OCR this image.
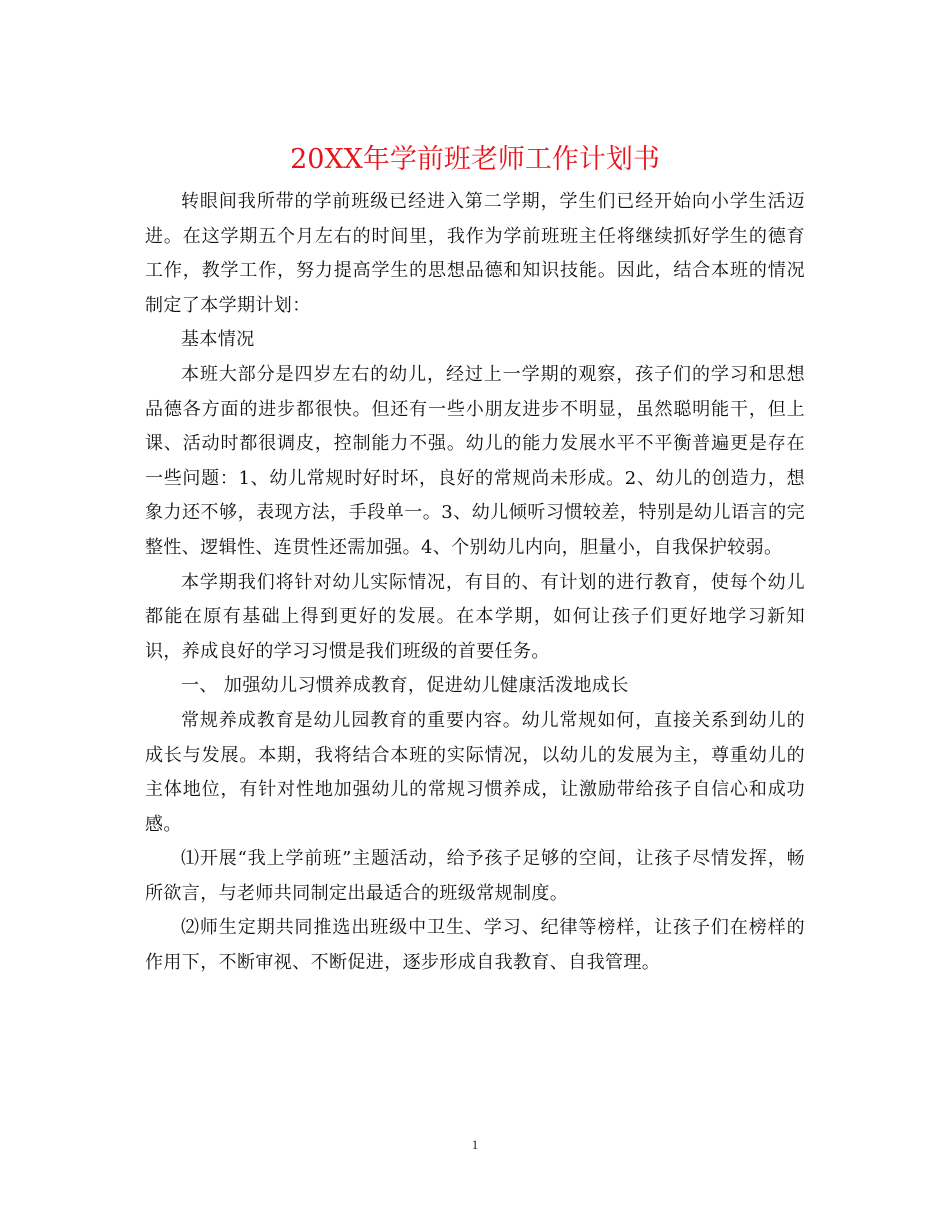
20XX年学前班老师工作计划书

转眼间我所带的学前班级已经进入第二学期，学生们已经开始向小学生活迈进。在这学期五个月左右的时间里，我作为学前班班主任将继续抓好学生的德育工作，教学工作，努力提高学生的思想品德和知识技能。因此，结合本班的情况制定了本学期计划：

基本情况

本班大部分是四岁左右的幼儿，经过上一学期的观察，孩子们的学习和思想品德各方面的进步都很快。但还有一些小朋友进步不明显，虽然聪明能干，但上课、活动时都很调皮，控制能力不强。幼儿的能力发展水平不平衡普遍更是存在一些问题：1、幼儿常规时好时坏，良好的常规尚未形成。2、幼儿的创造力，想象力还不够，表现方法，手段单一。3、幼儿倾听习惯较差，特别是幼儿语言的完整性、逻辑性、连贯性还需加强。4、个别幼儿内向，胆量小，自我保护较弱。

本学期我们将针对幼儿实际情况，有目的、有计划的进行教育，使每个幼儿都能在原有基础上得到更好的发展。在本学期，如何让孩子们更好地学习新知识，养成良好的学习习惯是我们班级的首要任务。

一、 加强幼儿习惯养成教育，促进幼儿健康活泼地成长

常规养成教育是幼儿园教育的重要内容。幼儿常规如何，直接关系到幼儿的成长与发展。本期，我将结合本班的实际情况，以幼儿的发展为主，尊重幼儿的主体地位，有针对性地加强幼儿的常规习惯养成，让激励带给孩子自信心和成功感。

⑴开展“我上学前班”主题活动，给予孩子足够的空间，让孩子尽情发挥，畅所欲言，与老师共同制定出最适合的班级常规制度。

⑵师生定期共同推选出班级中卫生、学习、纪律等榜样，让孩子们在榜样的作用下，不断审视、不断促进，逐步形成自我教育、自我管理。

1
